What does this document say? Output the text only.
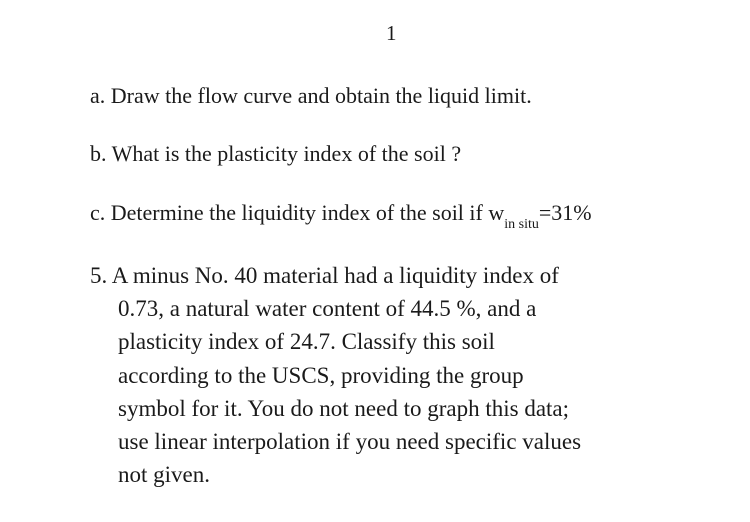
1
a. Draw the flow curve and obtain the liquid limit.
b. What is the plasticity index of the soil ?
c. Determine the liquidity index of the soil if $w_{in situ}=31\%$
5. A minus No. 40 material had a liquidity index of
0.73, a natural water content of 44.5 %, and a
plasticity index of 24.7. Classify this soil
according to the USCS, providing the group
symbol for it. You do not need to graph this data;
use linear interpolation if you need specific values
not given.
